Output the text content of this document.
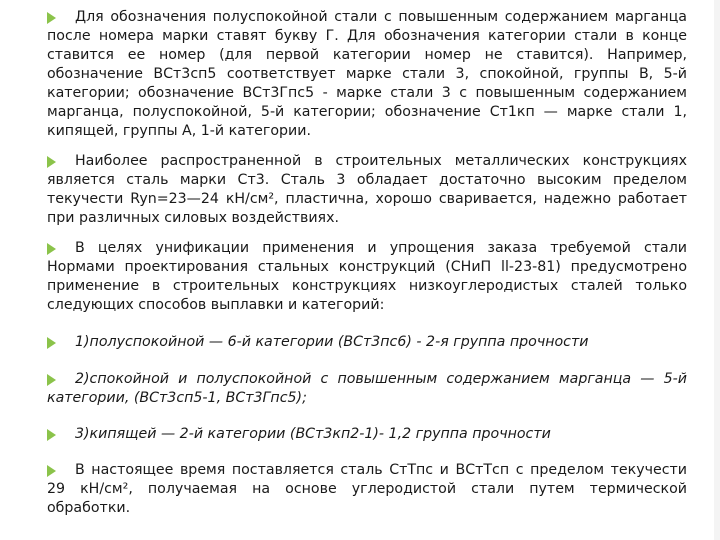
Для обозначения полуспокойной стали с повышенным содержанием марганца после номера марки ставят букву Г. Для обозначения категории стали в конце ставится ее номер (для первой категории номер не ставится). Например, обозначение ВСт3сп5 соответствует марке стали 3, спокойной, группы В, 5-й категории; обозначение ВСт3Гпс5 - марке стали 3 с повышенным содержанием марганца, полуспокойной, 5-й категории; обозначение Ст1кп — марке стали 1, кипящей, группы А, 1-й категории.

Наиболее распространенной в строительных металлических конструкциях является сталь марки Ст3. Сталь 3 обладает достаточно высоким пределом текучести Ryn=23—24 кН/см², пластична, хорошо сваривается, надежно работает при различных силовых воздействиях.

В целях унификации применения и упрощения заказа требуемой стали Нормами проектирования стальных конструкций (СНиП ll-23-81) предусмотрено применение в строительных конструкциях низкоуглеродистых сталей только следующих способов выплавки и категорий:

1)полуспокойной — 6-й категории (ВСт3пс6) - 2-я группа прочности

2)спокойной и полуспокойной с повышенным содержанием марганца — 5-й категории, (ВСт3сп5-1, ВСт3Гпс5);

3)кипящей — 2-й категории (ВСт3кп2-1)- 1,2 группа прочности

В настоящее время поставляется сталь СтТпс и ВСтТсп с пределом текучести 29 кН/см², получаемая на основе углеродистой стали путем термической обработки.
